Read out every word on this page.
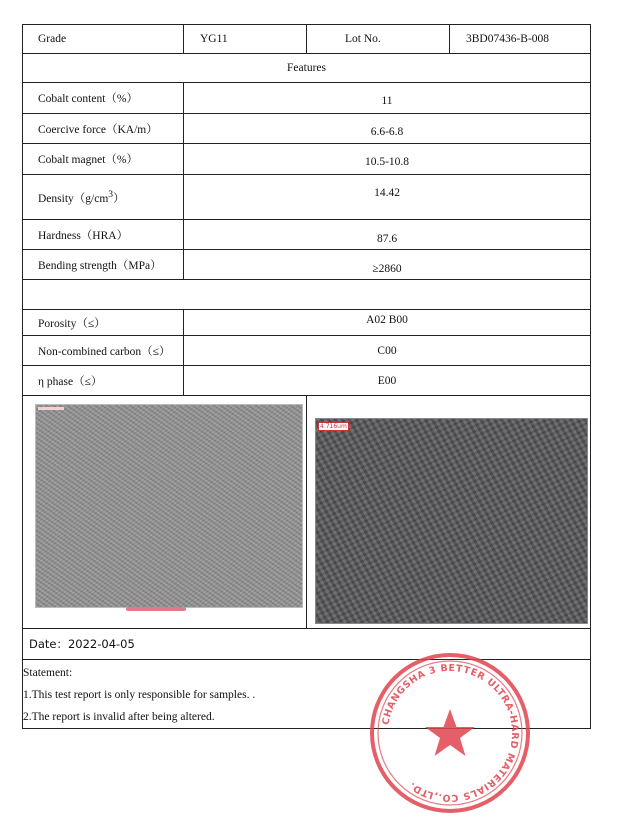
Grade	YG11	Lot No.	3BD07436-B-008
Features			
Cobalt content（%）	11		
Coercive force（KA/m）	6.6-6.8		
Cobalt magnet（%）	10.5-10.8		
$Density(g/cm^3)$	14.42		
Hardness（HRA）	87.6		
Bending strength（MPa）	≥2860		

Porosity（≤）	A02 B00		
Non-combined carbon（≤）	C00		
η phase（≤）	E00		

		4.716um	

Date：2022-04-05			

Statement:
1.This test report is only responsible for samples. .
2.The report is invalid after being altered.				CHANGSHA 3 BETTER ULTRA-HARD MATERIALS CO.,LTD.
